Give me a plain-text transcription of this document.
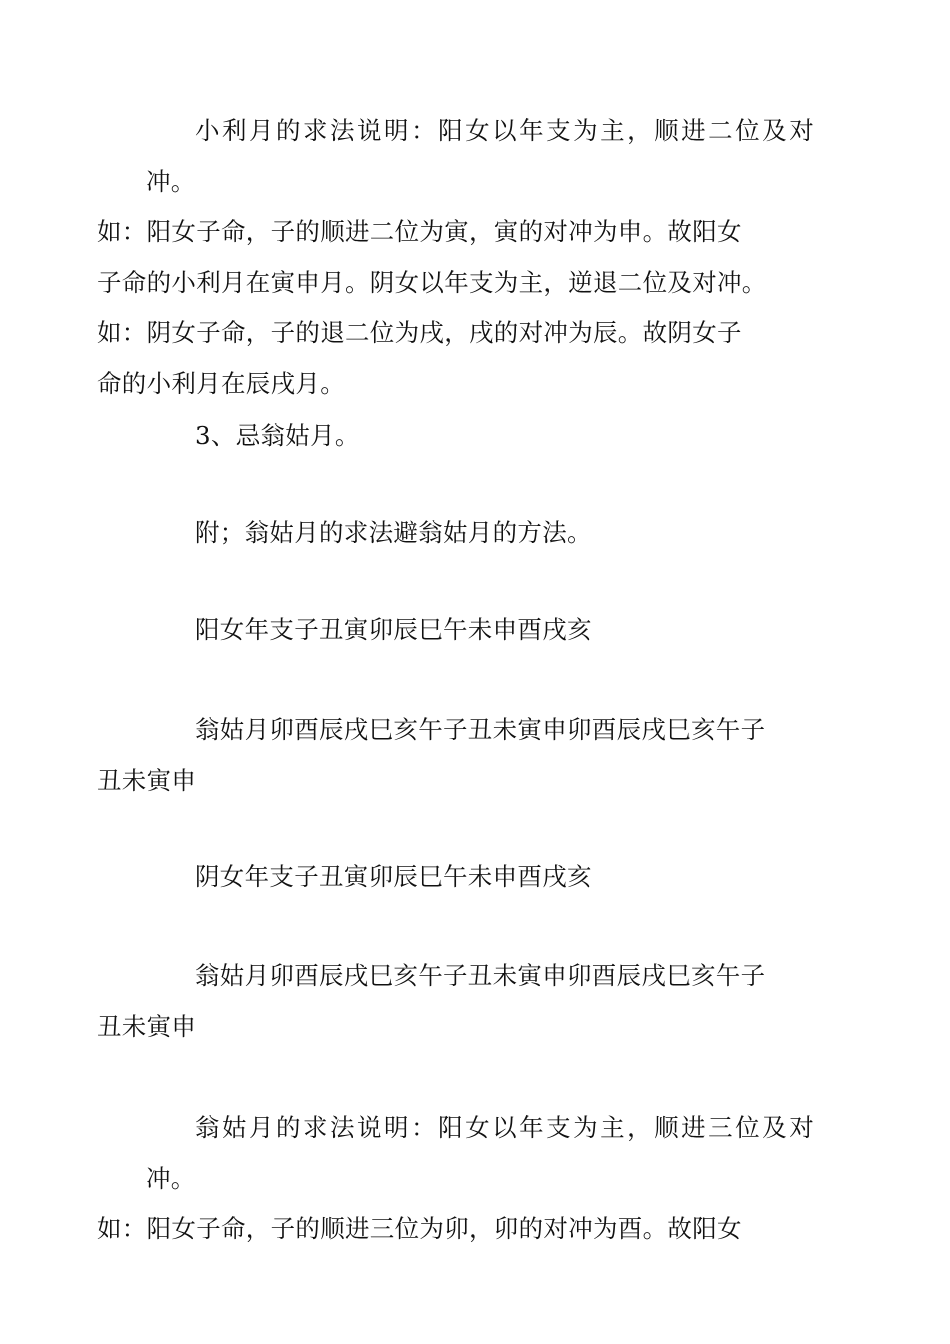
小利月的求法说明：阳女以年支为主，顺进二位及对冲。
如：阳女子命，子的顺进二位为寅，寅的对冲为申。故阳女
子命的小利月在寅申月。阴女以年支为主，逆退二位及对冲。
如：阴女子命，子的退二位为戌，戌的对冲为辰。故阴女子
命的小利月在辰戌月。

3、忌翁姑月。

附；翁姑月的求法避翁姑月的方法。

阳女年支子丑寅卯辰巳午未申酉戌亥

翁姑月卯酉辰戌巳亥午子丑未寅申卯酉辰戌巳亥午子
丑未寅申

阴女年支子丑寅卯辰巳午未申酉戌亥

翁姑月卯酉辰戌巳亥午子丑未寅申卯酉辰戌巳亥午子
丑未寅申

翁姑月的求法说明：阳女以年支为主，顺进三位及对冲。
如：阳女子命，子的顺进三位为卯，卯的对冲为酉。故阳女
